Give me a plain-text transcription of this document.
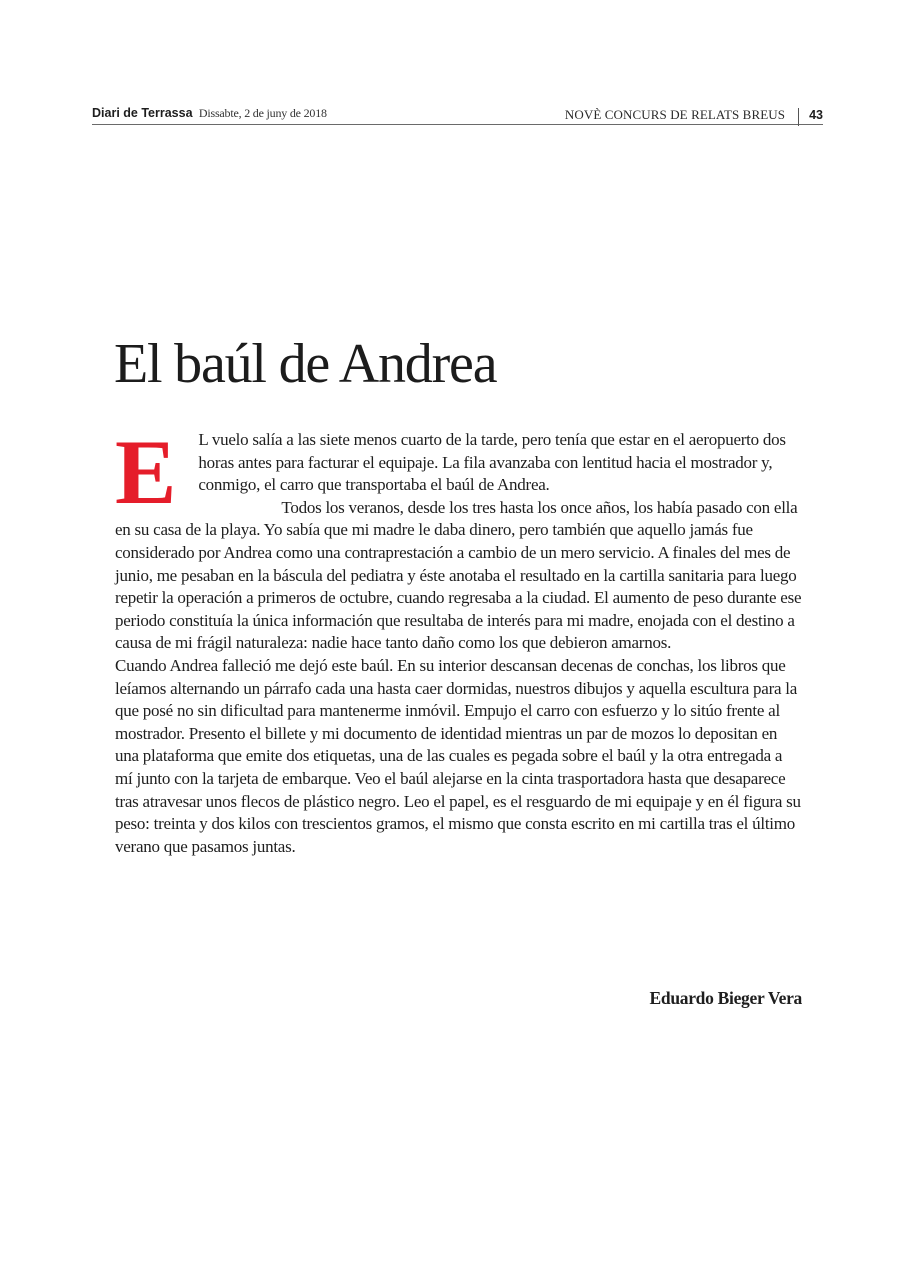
Diari de Terrassa Dissabte, 2 de juny de 2018	NOVÈ CONCURS DE RELATS BREUS 43
El baúl de Andrea

E L vuelo salía a las siete menos cuarto de la tarde, pero tenía que estar en el aeropuerto dos horas antes para facturar el equipaje. La fila avanzaba con lentitud hacia el mostrador y, conmigo, el carro que transportaba el baúl de Andrea.

Todos los veranos, desde los tres hasta los once años, los había pasado con ella en su casa de la playa. Yo sabía que mi madre le daba dinero, pero también que aquello jamás fue considerado por Andrea como una contraprestación a cambio de un mero servicio. A finales del mes de junio, me pesaban en la báscula del pediatra y éste anotaba el resultado en la cartilla sanitaria para luego repetir la operación a primeros de octubre, cuando regresaba a la ciudad. El aumento de peso durante ese periodo constituía la única información que resultaba de interés para mi madre, enojada con el destino a causa de mi frágil naturaleza: nadie hace tanto daño como los que debieron amarnos.

Cuando Andrea falleció me dejó este baúl. En su interior descansan decenas de conchas, los libros que leíamos alternando un párrafo cada una hasta caer dormidas, nuestros dibujos y aquella escultura para la que posé no sin dificultad para mantenerme inmóvil. Empujo el carro con esfuerzo y lo sitúo frente al mostrador. Presento el billete y mi documento de identidad mientras un par de mozos lo depositan en una plataforma que emite dos etiquetas, una de las cuales es pegada sobre el baúl y la otra entregada a mí junto con la tarjeta de embarque. Veo el baúl alejarse en la cinta trasportadora hasta que desaparece tras atravesar unos flecos de plástico negro. Leo el papel, es el resguardo de mi equipaje y en él figura su peso: treinta y dos kilos con trescientos gramos, el mismo que consta escrito en mi cartilla tras el último verano que pasamos juntas.

Eduardo Bieger Vera
